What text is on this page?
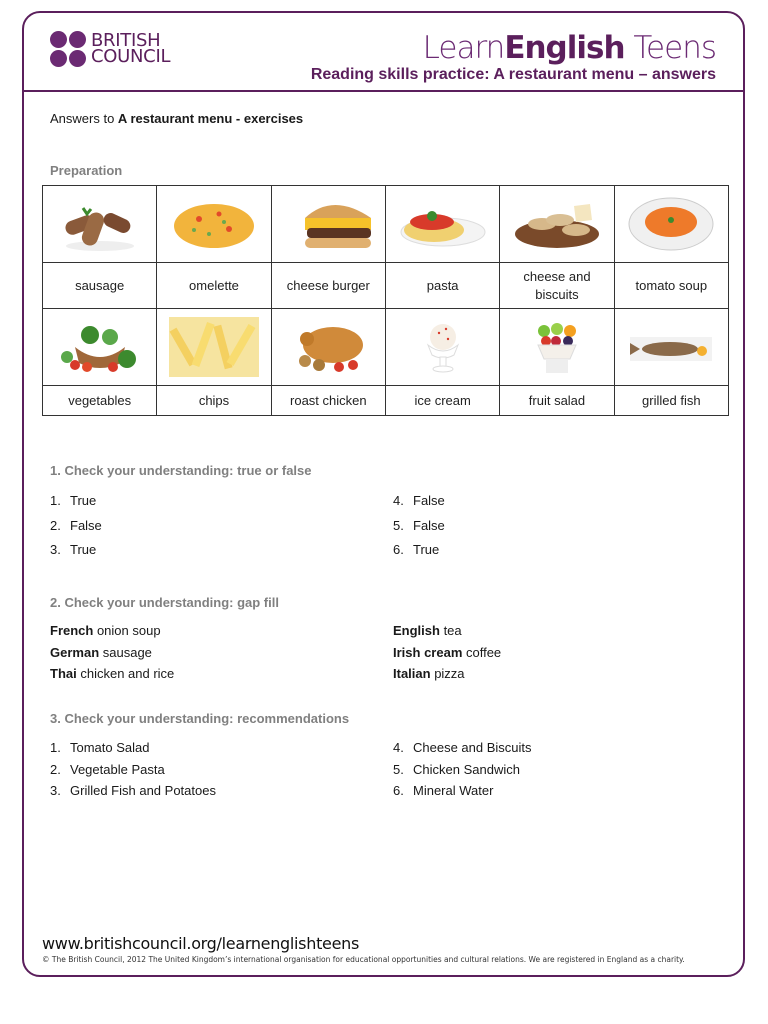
BRITISH
COUNCIL	LearnEnglish Teens
Reading skills practice: A restaurant menu – answers
Answers to A restaurant menu - exercises
Preparation

sausage	omelette	cheese burger	pasta	cheese and biscuits	tomato soup

vegetables	chips	roast chicken	ice cream	fruit salad	grilled fish
1. Check your understanding: true or false
1. True
2. False
3. True
4. False
5. False
6. True
2. Check your understanding: gap fill
French onion soup
German sausage
Thai chicken and rice
English tea
Irish cream coffee
Italian pizza
3. Check your understanding: recommendations
1. Tomato Salad
2. Vegetable Pasta
3. Grilled Fish and Potatoes
4. Cheese and Biscuits
5. Chicken Sandwich
6. Mineral Water
www.britishcouncil.org/learnenglishteens
© The British Council, 2012 The United Kingdom’s international organisation for educational opportunities and cultural relations. We are registered in England as a charity.
